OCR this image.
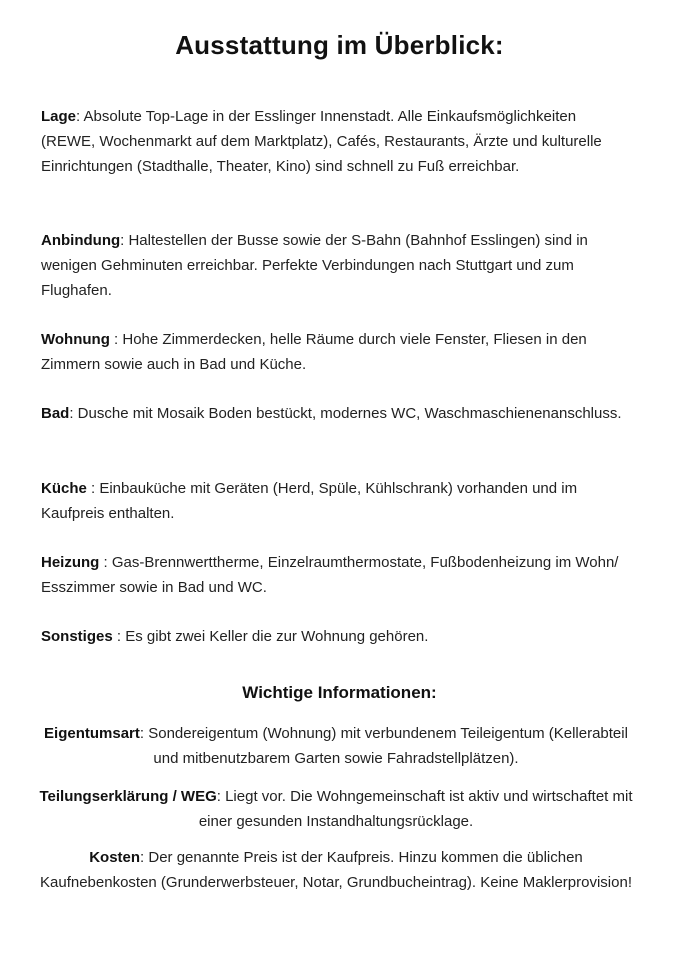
Ausstattung im Überblick:
Lage: Absolute Top-Lage in der Esslinger Innenstadt. Alle Einkaufsmöglichkeiten (REWE, Wochenmarkt auf dem Marktplatz), Cafés, Restaurants, Ärzte und kulturelle Einrichtungen (Stadthalle, Theater, Kino) sind schnell zu Fuß erreichbar.
Anbindung: Haltestellen der Busse sowie der S-Bahn (Bahnhof Esslingen) sind in wenigen Gehminuten erreichbar. Perfekte Verbindungen nach Stuttgart und zum Flughafen.
Wohnung : Hohe Zimmerdecken, helle Räume durch viele Fenster, Fliesen in den Zimmern sowie auch in Bad und Küche.
Bad: Dusche mit Mosaik Boden bestückt, modernes WC, Waschmaschienenanschluss.
Küche : Einbauküche mit Geräten (Herd, Spüle, Kühlschrank) vorhanden und im Kaufpreis enthalten.
Heizung : Gas-Brennwerttherme, Einzelraumthermostate, Fußbodenheizung im Wohn/ Esszimmer sowie in Bad und WC.
Sonstiges : Es gibt zwei Keller die zur Wohnung gehören.
Wichtige Informationen:
Eigentumsart: Sondereigentum (Wohnung) mit verbundenem Teileigentum (Kellerabteil und mitbenutzbarem Garten sowie Fahradstellplätzen).
Teilungserklärung / WEG: Liegt vor. Die Wohngemeinschaft ist aktiv und wirtschaftet mit einer gesunden Instandhaltungsrücklage.
Kosten: Der genannte Preis ist der Kaufpreis. Hinzu kommen die üblichen Kaufnebenkosten (Grunderwerbsteuer, Notar, Grundbucheintrag). Keine Maklerprovision!
